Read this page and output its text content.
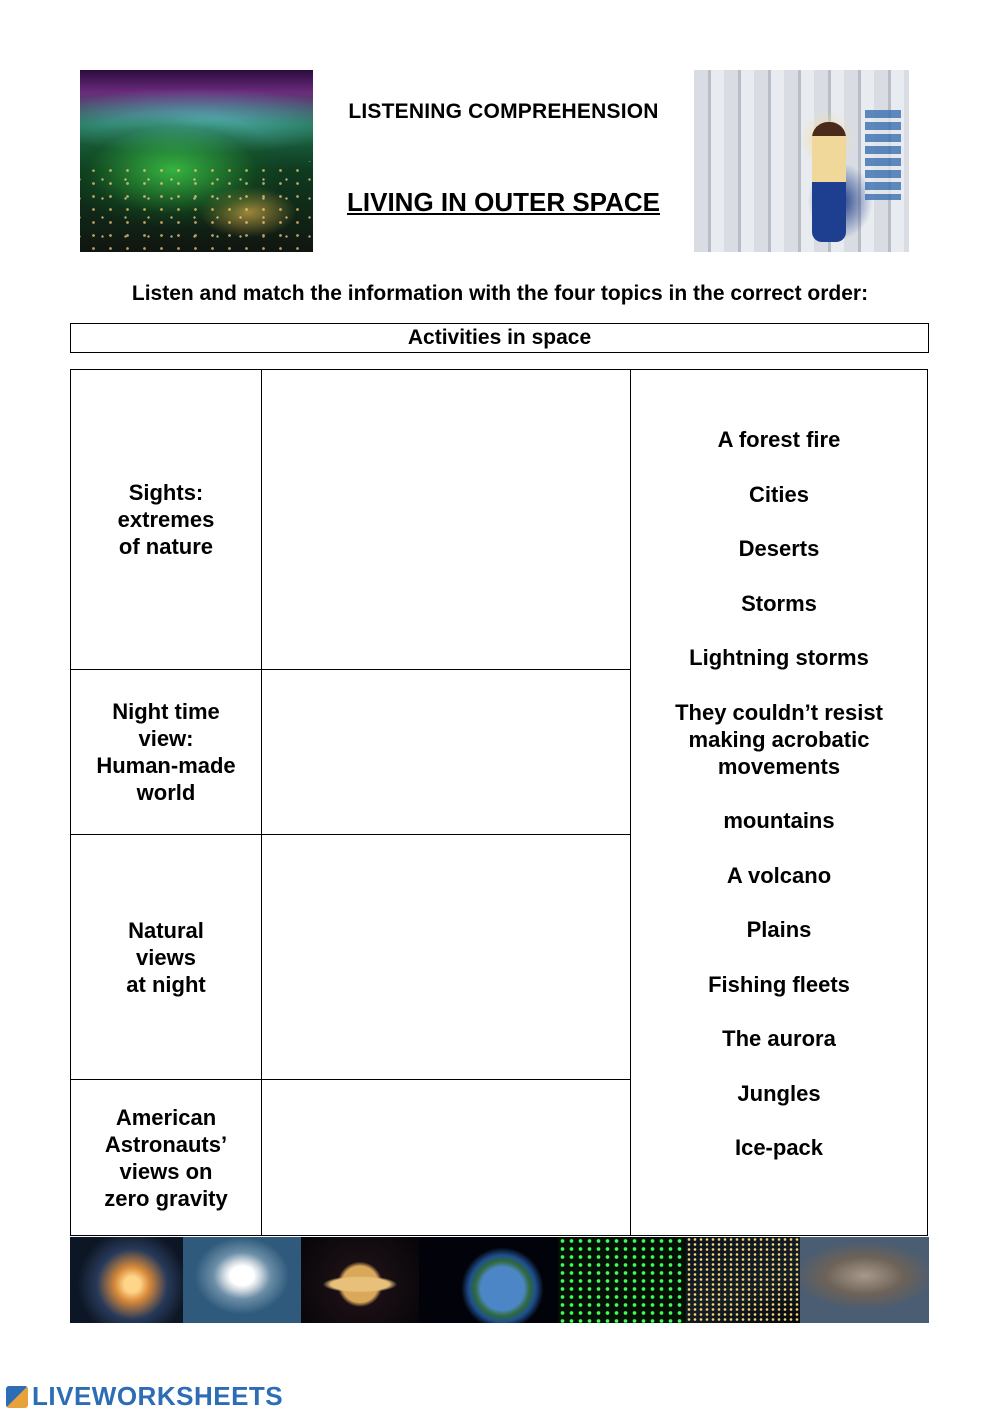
LISTENING COMPREHENSION
LIVING IN OUTER SPACE
Listen and match the information with the four topics in the correct order:
Activities in space
Sights:
extremes
of nature
Night time
view:
Human-made
world
Natural
views
at night
American
Astronauts’
views on
zero gravity
A forest fire
Cities
Deserts
Storms
Lightning storms
They couldn’t resist
making acrobatic
movements
mountains
A volcano
Plains
Fishing fleets
The aurora
Jungles
Ice-pack
LIVEWORKSHEETS
